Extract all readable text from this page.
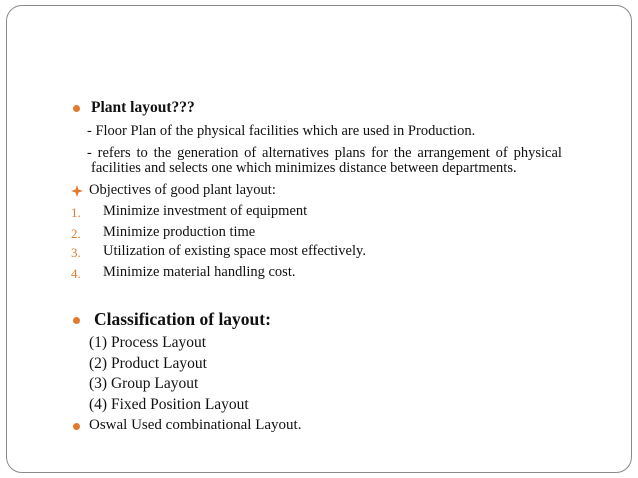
Plant layout???
- Floor Plan of the physical facilities which are used in Production.
- refers to the generation of alternatives plans for the arrangement of physical
facilities and selects one which minimizes distance between departments.
Objectives of good plant layout:
1. Minimize investment of equipment
2. Minimize production time
3. Utilization of existing space most effectively.
4. Minimize material handling cost.
Classification of layout:
(1) Process Layout
(2) Product Layout
(3) Group Layout
(4) Fixed Position Layout
Oswal Used combinational Layout.
